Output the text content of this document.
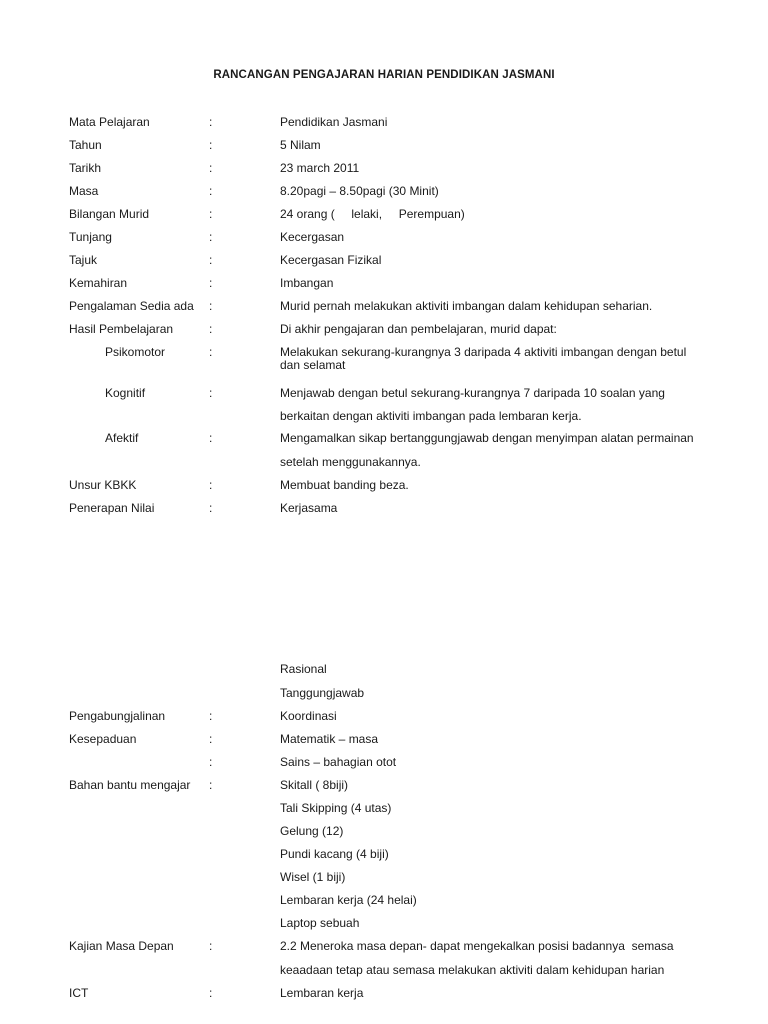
RANCANGAN PENGAJARAN HARIAN PENDIDIKAN JASMANI
Mata Pelajaran	:	Pendidikan Jasmani
Tahun	:	5 Nilam
Tarikh	:	23 march 2011
Masa	:	8.20pagi – 8.50pagi (30 Minit)
Bilangan Murid	:	24 orang (     lelaki,     Perempuan)
Tunjang	:	Kecergasan
Tajuk	:	Kecergasan Fizikal
Kemahiran	:	Imbangan
Pengalaman Sedia ada :	Murid pernah melakukan aktiviti imbangan dalam kehidupan seharian.
Hasil Pembelajaran	:	Di akhir pengajaran dan pembelajaran, murid dapat:
Psikomotor	:	Melakukan sekurang-kurangnya 3 daripada 4 aktiviti imbangan dengan betul dan selamat
Kognitif	:	Menjawab dengan betul sekurang-kurangnya 7 daripada 10 soalan yang
berkaitan dengan aktiviti imbangan pada lembaran kerja.
Afektif	:	Mengamalkan sikap bertanggungjawab dengan menyimpan alatan permainan
setelah menggunakannya.
Unsur KBKK	:	Membuat banding beza.
Penerapan Nilai	:	Kerjasama
Rasional
Tanggungjawab
Pengabungjalinan	:	Koordinasi
Kesepaduan	:	Matematik – masa
:	Sains – bahagian otot
Bahan bantu mengajar :	Skitall ( 8biji)
Tali Skipping (4 utas)
Gelung (12)
Pundi kacang (4 biji)
Wisel (1 biji)
Lembaran kerja (24 helai)
Laptop sebuah
Kajian Masa Depan	:	2.2 Meneroka masa depan- dapat mengekalkan posisi badannya  semasa
keaadaan tetap atau semasa melakukan aktiviti dalam kehidupan harian
ICT	:	Lembaran kerja
